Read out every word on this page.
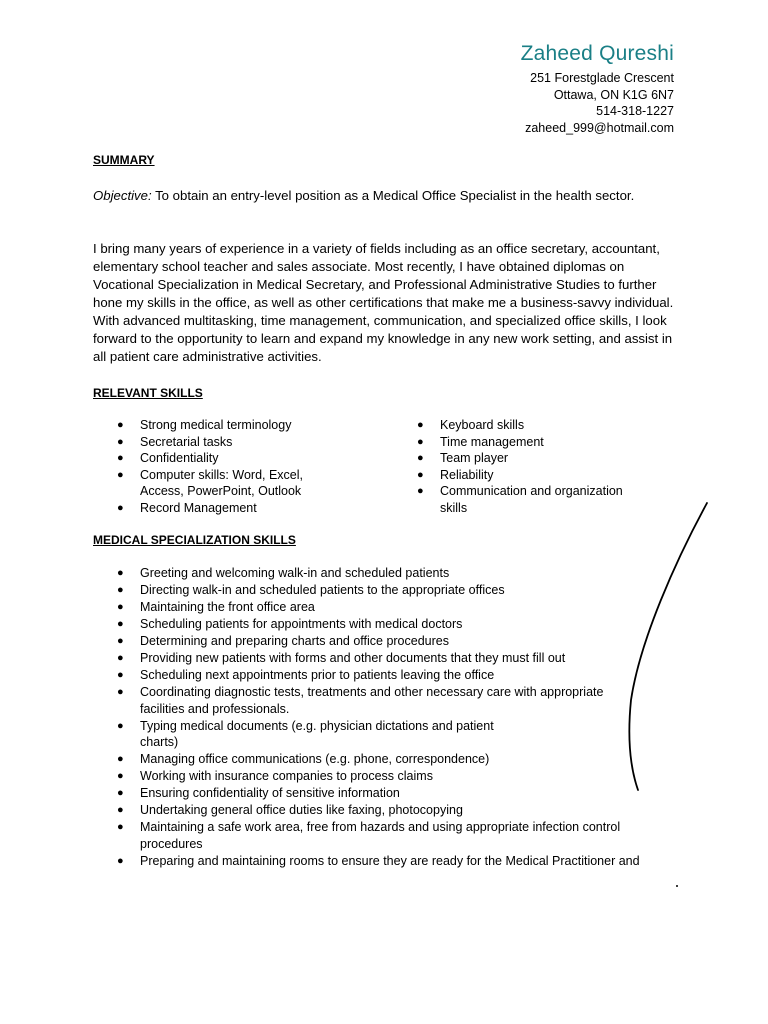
Zaheed Qureshi
251 Forestglade Crescent
Ottawa, ON K1G 6N7
514-318-1227
zaheed_999@hotmail.com
SUMMARY
Objective: To obtain an entry-level position as a Medical Office Specialist in the health sector.
I bring many years of experience in a variety of fields including as an office secretary, accountant, elementary school teacher and sales associate. Most recently, I have obtained diplomas on Vocational Specialization in Medical Secretary, and Professional Administrative Studies to further hone my skills in the office, as well as other certifications that make me a business-savvy individual. With advanced multitasking, time management, communication, and specialized office skills, I look forward to the opportunity to learn and expand my knowledge in any new work setting, and assist in all patient care administrative activities.
RELEVANT SKILLS
● Strong medical terminology
● Secretarial tasks
● Confidentiality
● Computer skills: Word, Excel, Access, PowerPoint, Outlook
● Record Management
● Keyboard skills
● Time management
● Team player
● Reliability
● Communication and organization skills
MEDICAL SPECIALIZATION SKILLS
● Greeting and welcoming walk-in and scheduled patients
● Directing walk-in and scheduled patients to the appropriate offices
● Maintaining the front office area
● Scheduling patients for appointments with medical doctors
● Determining and preparing charts and office procedures
● Providing new patients with forms and other documents that they must fill out
● Scheduling next appointments prior to patients leaving the office
● Coordinating diagnostic tests, treatments and other necessary care with appropriate facilities and professionals.
● Typing medical documents (e.g. physician dictations and patient charts)
● Managing office communications (e.g. phone, correspondence)
● Working with insurance companies to process claims
● Ensuring confidentiality of sensitive information
● Undertaking general office duties like faxing, photocopying
● Maintaining a safe work area, free from hazards and using appropriate infection control procedures
● Preparing and maintaining rooms to ensure they are ready for the Medical Practitioner and
